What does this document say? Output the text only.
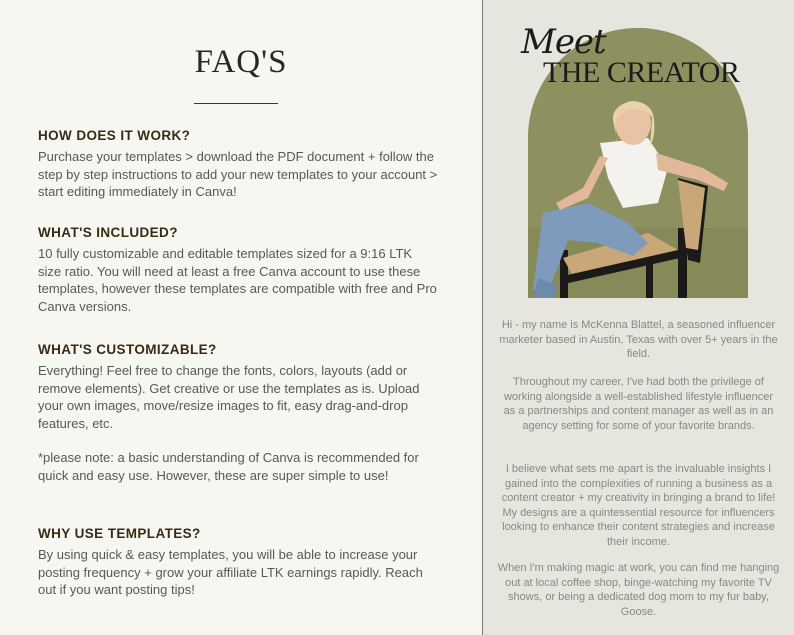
FAQ'S

HOW DOES IT WORK?

Purchase your templates > download the PDF document + follow the step by step instructions to add your new templates to your account > start editing immediately in Canva!

WHAT'S INCLUDED?

10 fully customizable and editable templates sized for a 9:16 LTK size ratio. You will need at least a free Canva account to use these templates, however these templates are compatible with free and Pro Canva versions.

WHAT'S CUSTOMIZABLE?

Everything! Feel free to change the fonts, colors, layouts (add or remove elements). Get creative or use the templates as is. Upload your own images, move/resize images to fit, easy drag-and-drop features, etc.

*please note: a basic understanding of Canva is recommended for quick and easy use. However, these are super simple to use!

WHY USE TEMPLATES?

By using quick & easy templates, you will be able to increase your posting frequency + grow your affiliate LTK earnings rapidly. Reach out if you want posting tips!

Meet
THE CREATOR

Hi - my name is McKenna Blattel, a seasoned influencer marketer based in Austin, Texas with over 5+ years in the field.

Throughout my career, I've had both the privilege of working alongside a well-established lifestyle influencer as a partnerships and content manager as well as in an agency setting for some of your favorite brands.

I believe what sets me apart is the invaluable insights I gained into the complexities of running a business as a content creator + my creativity in bringing a brand to life! My designs are a quintessential resource for influencers looking to enhance their content strategies and increase their income.

When I'm making magic at work, you can find me hanging out at local coffee shop, binge-watching my favorite TV shows, or being a dedicated dog mom to my fur baby, Goose.
